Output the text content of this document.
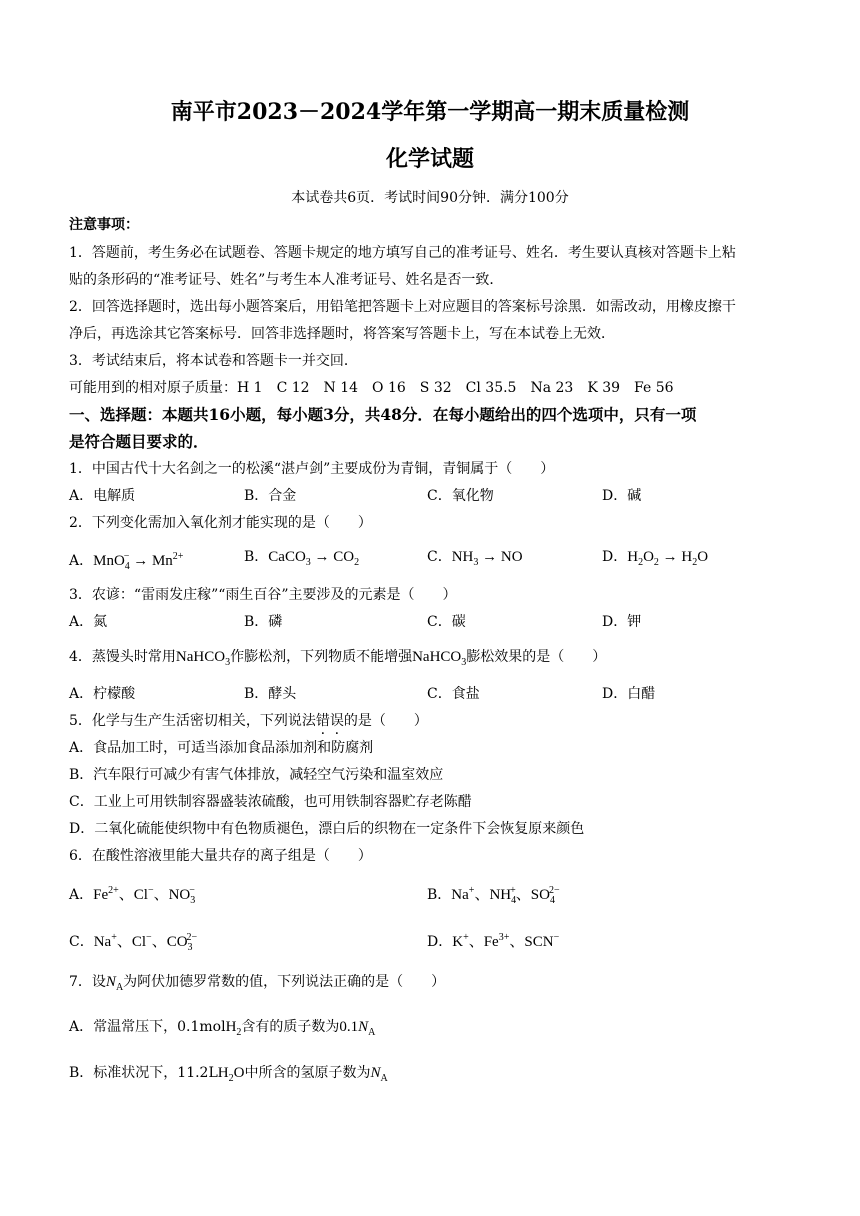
南平市2023－2024学年第一学期高一期末质量检测
化学试题
本试卷共6页．考试时间90分钟．满分100分
注意事项：
1．答题前，考生务必在试题卷、答题卡规定的地方填写自己的准考证号、姓名．考生要认真核对答题卡上粘
贴的条形码的“准考证号、姓名”与考生本人准考证号、姓名是否一致．
2．回答选择题时，选出每小题答案后，用铅笔把答题卡上对应题目的答案标号涂黑．如需改动，用橡皮擦干
净后，再选涂其它答案标号．回答非选择题时，将答案写答题卡上，写在本试卷上无效．
3．考试结束后，将本试卷和答题卡一并交回．
可能用到的相对原子质量：H 1　C 12　N 14　O 16　S 32　Cl 35.5　Na 23　K 39　Fe 56
一、选择题：本题共16小题，每小题3分，共48分．在每小题给出的四个选项中，只有一项
是符合题目要求的．
1．中国古代十大名剑之一的松溪“湛卢剑”主要成份为青铜，青铜属于（　　）
A．电解质	B．合金	C．氧化物	D．碱
2．下列变化需加入氧化剂才能实现的是（　　）
A．$MnO_4^- \to Mn^{2+}$	B．CaCO$_3$ → $CO_2$	C．$NH_3$ → NO	D．$H_2O_2 \to H_2O$
3．农谚：“雷雨发庄稼”“雨生百谷”主要涉及的元素是（　　）
A．氮	B．磷	C．碳	D．钾
4．蒸馒头时常用NaHCO$_3$作膨松剂，下列物质不能增强NaHCO$_3$膨松效果的是（　　）
A．柠檬酸	B．酵头	C．食盐	D．白醋
5．化学与生产生活密切相关，下列说法错误的是（　　）
A．食品加工时，可适当添加食品添加剂和防腐剂
B．汽车限行可减少有害气体排放，减轻空气污染和温室效应
C．工业上可用铁制容器盛装浓硫酸，也可用铁制容器贮存老陈醋
D．二氧化硫能使织物中有色物质褪色，漂白后的织物在一定条件下会恢复原来颜色
6．在酸性溶液里能大量共存的离子组是（　　）
A．$Fe^{2+}$、Cl−、$NO_3^-$	B．Na+、$NH_4^+$、$SO_4^{2-}$
C．Na+、Cl−、$CO_3^{2-}$	D．K+、$Fe^{3+}$、SCN−
7．设$N_A$为阿伏加德罗常数的值，下列说法正确的是（　　）
A．常温常压下，0.1molH$_2$含有的质子数为$0.1N_A$
B．标准状况下，$11.2LH_2O$中所含的氢原子数为$N_A$
